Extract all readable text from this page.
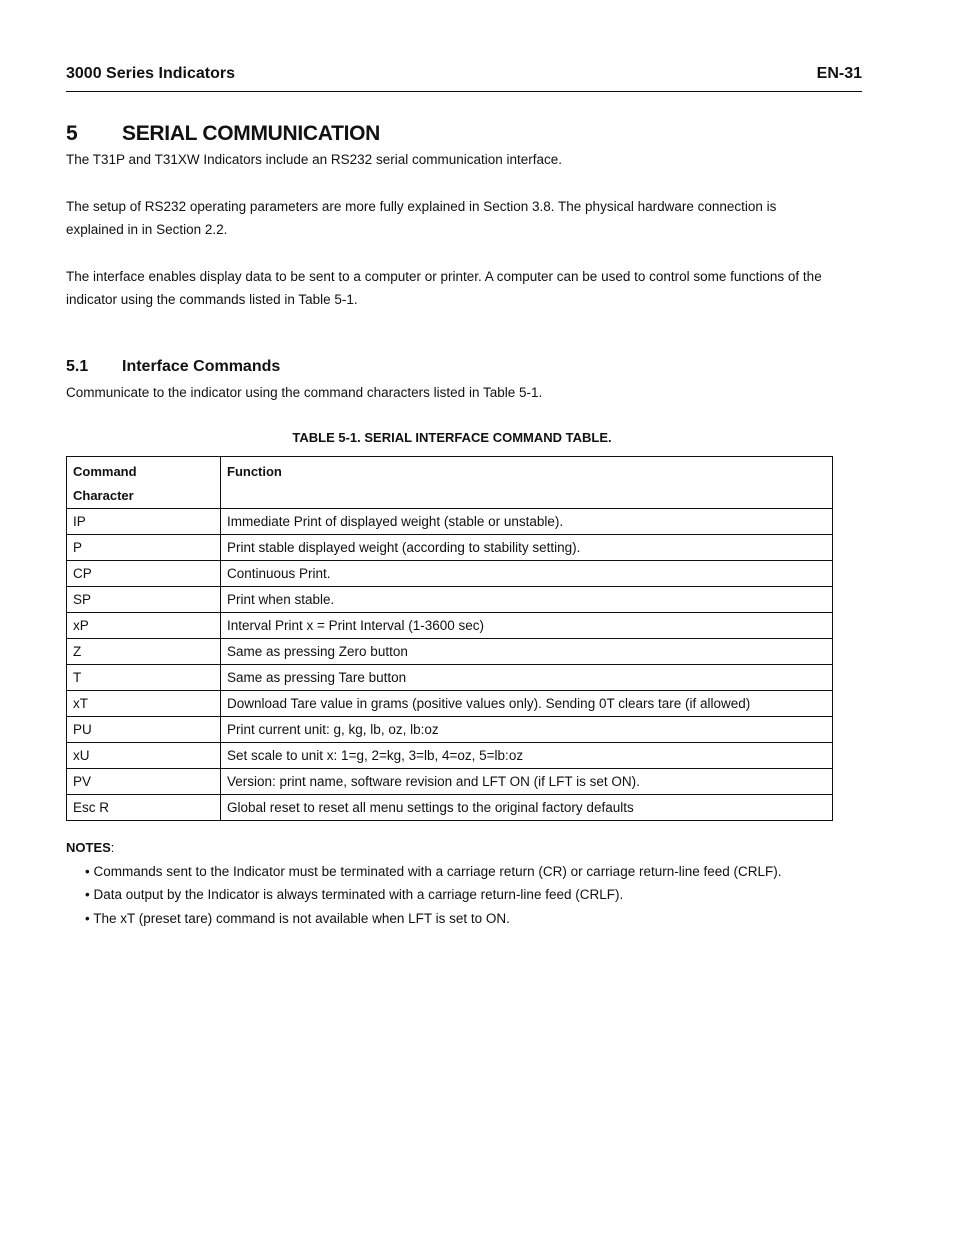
3000 Series Indicators	EN-31
5 SERIAL COMMUNICATION
The T31P and T31XW Indicators include an RS232 serial communication interface.
The setup of RS232 operating parameters are more fully explained in Section 3.8. The physical hardware connection is explained in in Section 2.2.
The interface enables display data to be sent to a computer or printer. A computer can be used to control some functions of the indicator using the commands listed in Table 5-1.
5.1 Interface Commands
Communicate to the indicator using the command characters listed in Table 5-1.
TABLE 5-1. SERIAL INTERFACE COMMAND TABLE.
Command Character	Function
IP	Immediate Print of displayed weight (stable or unstable).
P	Print stable displayed weight (according to stability setting).
CP	Continuous Print.
SP	Print when stable.
xP	Interval Print x = Print Interval (1-3600 sec)
Z	Same as pressing Zero button
T	Same as pressing Tare button
xT	Download Tare value in grams (positive values only). Sending 0T clears tare (if allowed)
PU	Print current unit: g, kg, lb, oz, lb:oz
xU	Set scale to unit x: 1=g, 2=kg, 3=lb, 4=oz, 5=lb:oz
PV	Version: print name, software revision and LFT ON (if LFT is set ON).
Esc R	Global reset to reset all menu settings to the original factory defaults
NOTES:
• Commands sent to the Indicator must be terminated with a carriage return (CR) or carriage return-line feed (CRLF).
• Data output by the Indicator is always terminated with a carriage return-line feed (CRLF).
• The xT (preset tare) command is not available when LFT is set to ON.
